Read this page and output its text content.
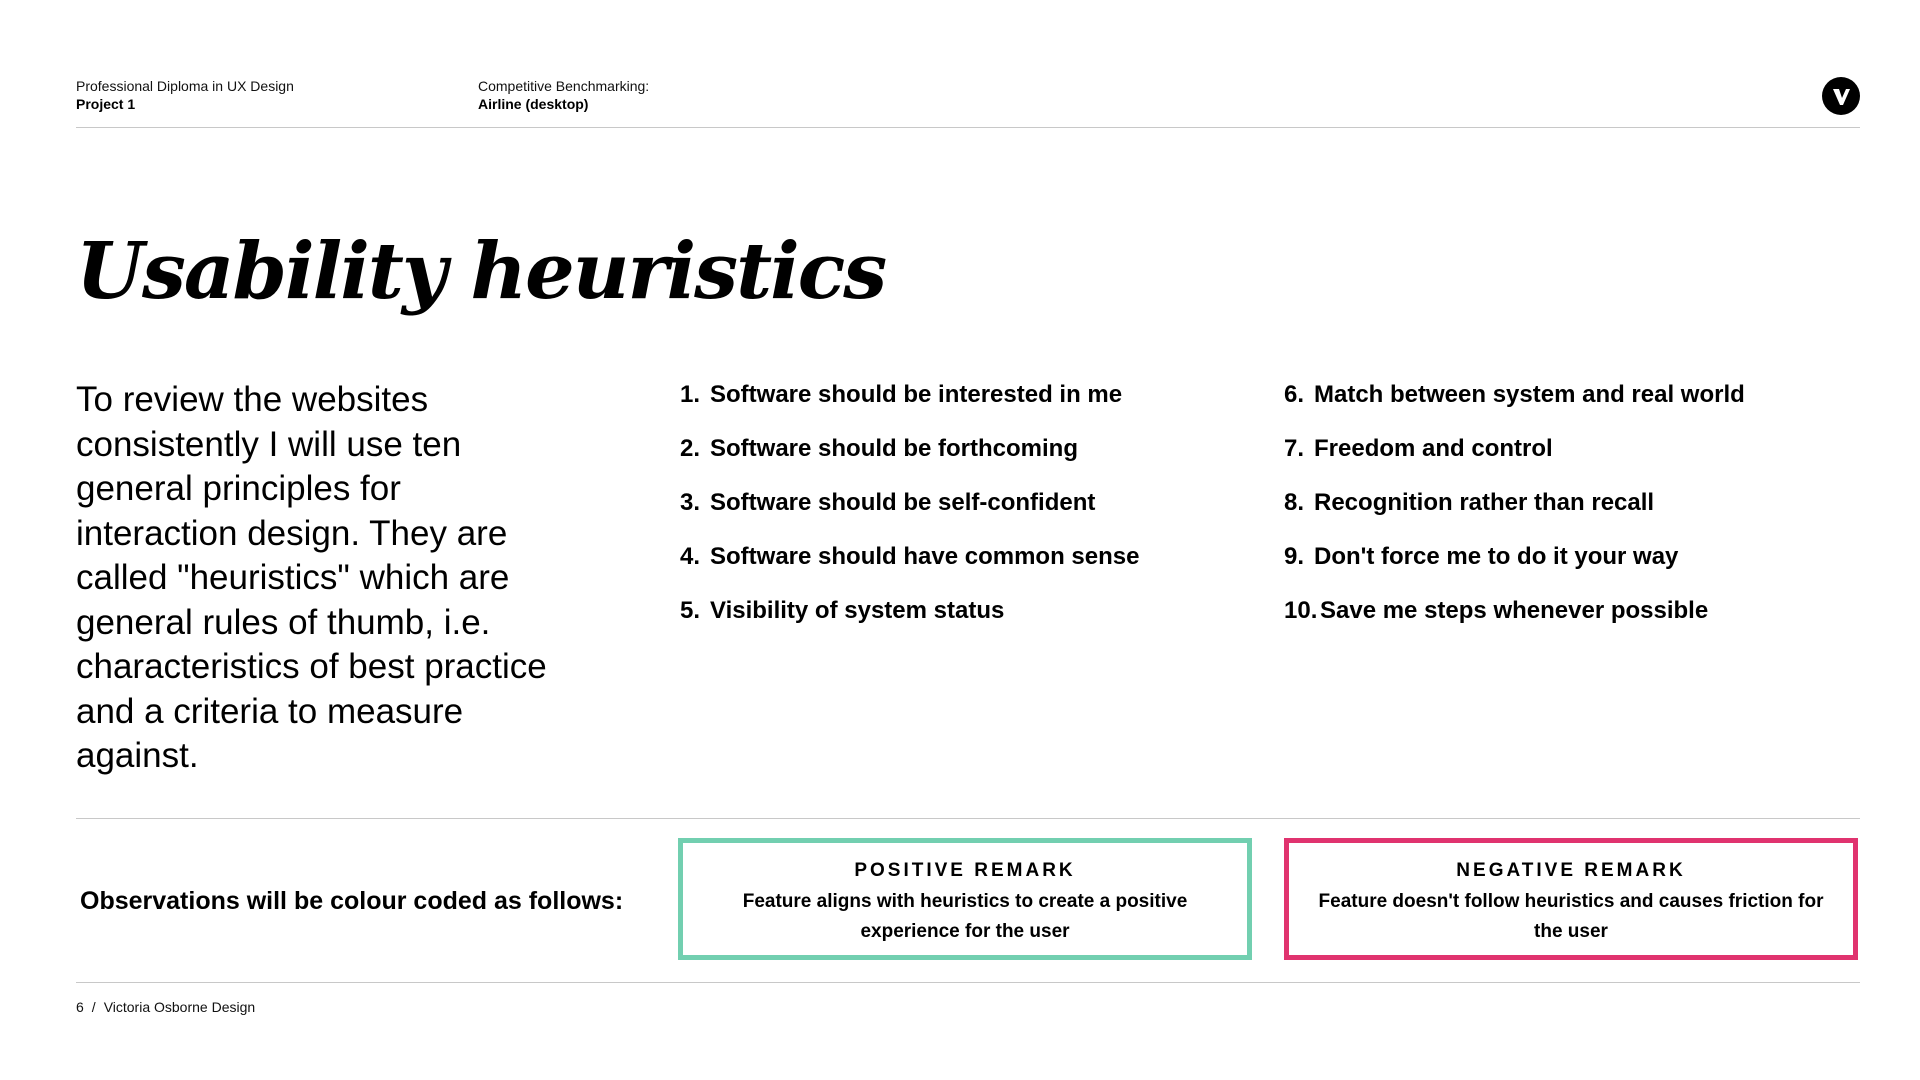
Professional Diploma in UX Design
Project 1
Competitive Benchmarking:
Airline (desktop)
Usability heuristics

To review the websites consistently I will use ten general principles for interaction design. They are called "heuristics" which are general rules of thumb, i.e. characteristics of best practice and a criteria to measure against.

1. Software should be interested in me
2. Software should be forthcoming
3. Software should be self-confident
4. Software should have common sense
5. Visibility of system status
6. Match between system and real world
7. Freedom and control
8. Recognition rather than recall
9. Don't force me to do it your way
10. Save me steps whenever possible

Observations will be colour coded as follows:

POSITIVE REMARK
Feature aligns with heuristics to create a positive experience for the user
NEGATIVE REMARK
Feature doesn't follow heuristics and causes friction for the user
6 / Victoria Osborne Design
